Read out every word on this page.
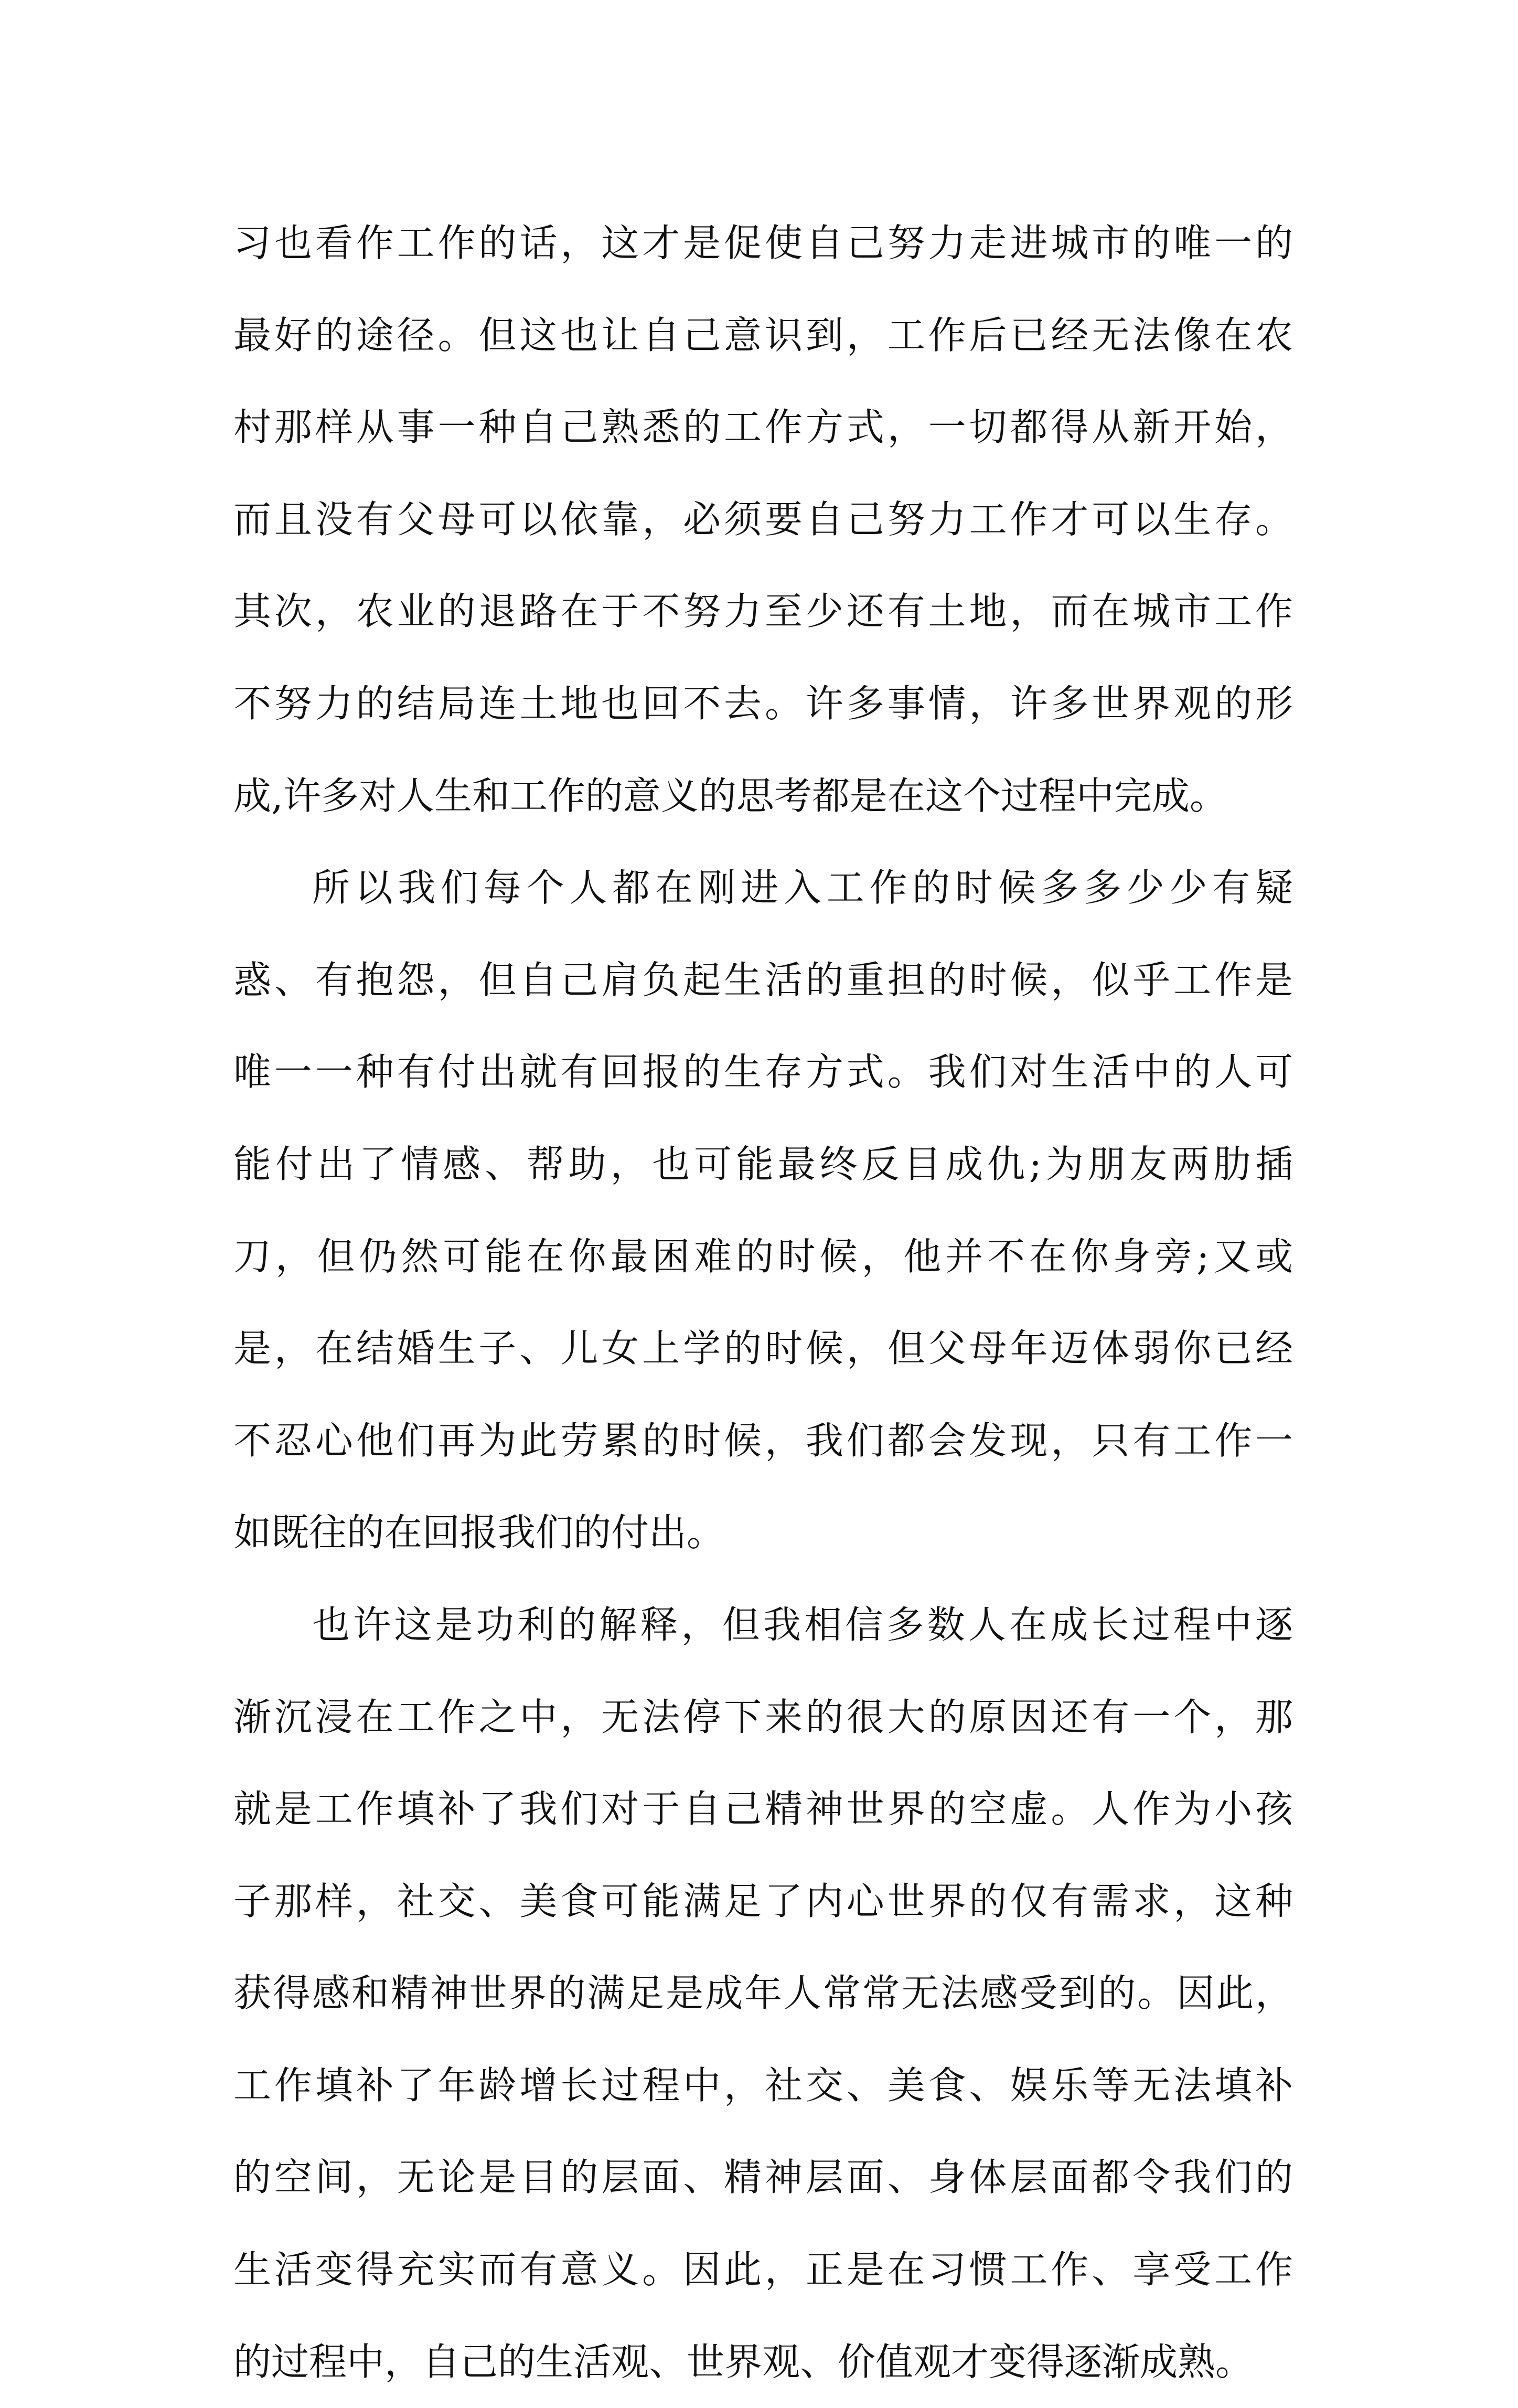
习也看作工作的话，这才是促使自己努力走进城市的唯一的
最好的途径。但这也让自己意识到，工作后已经无法像在农
村那样从事一种自己熟悉的工作方式，一切都得从新开始，
而且没有父母可以依靠，必须要自己努力工作才可以生存。
其次，农业的退路在于不努力至少还有土地，而在城市工作
不努力的结局连土地也回不去。许多事情，许多世界观的形
成,许多对人生和工作的意义的思考都是在这个过程中完成。
所以我们每个人都在刚进入工作的时候多多少少有疑
惑、有抱怨，但自己肩负起生活的重担的时候，似乎工作是
唯一一种有付出就有回报的生存方式。我们对生活中的人可
能付出了情感、帮助，也可能最终反目成仇;为朋友两肋插
刀，但仍然可能在你最困难的时候，他并不在你身旁;又或
是，在结婚生子、儿女上学的时候，但父母年迈体弱你已经
不忍心他们再为此劳累的时候，我们都会发现，只有工作一
如既往的在回报我们的付出。
也许这是功利的解释，但我相信多数人在成长过程中逐
渐沉浸在工作之中，无法停下来的很大的原因还有一个，那
就是工作填补了我们对于自己精神世界的空虚。人作为小孩
子那样，社交、美食可能满足了内心世界的仅有需求，这种
获得感和精神世界的满足是成年人常常无法感受到的。因此，
工作填补了年龄增长过程中，社交、美食、娱乐等无法填补
的空间，无论是目的层面、精神层面、身体层面都令我们的
生活变得充实而有意义。因此，正是在习惯工作、享受工作
的过程中，自己的生活观、世界观、价值观才变得逐渐成熟。
